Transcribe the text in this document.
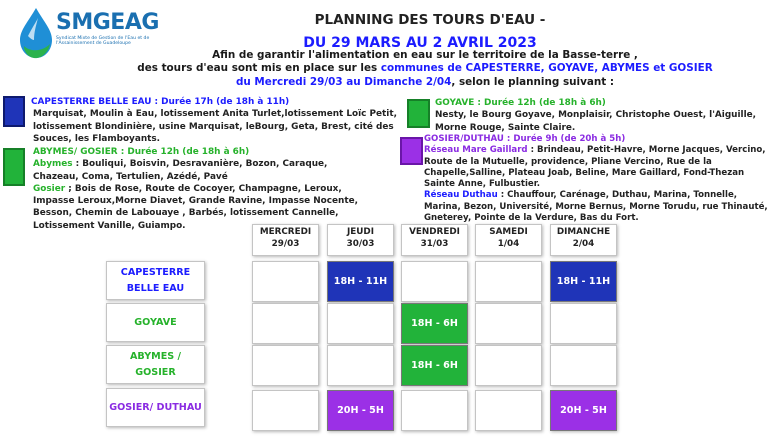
SMGEAG
Syndicat Mixte de Gestion de l'Eau et de l'Assainissement de Guadeloupe
PLANNING DES TOURS D'EAU -
DU 29 MARS AU 2 AVRIL 2023
Afin de garantir l'alimentation en eau sur le territoire de la Basse-terre ,
des tours d'eau sont mis en place sur les communes de CAPESTERRE, GOYAVE, ABYMES et GOSIER
du Mercredi 29/03 au Dimanche 2/04, selon le planning suivant :
CAPESTERRE BELLE EAU : Durée 17h (de 18h à 11h)
Marquisat, Moulin à Eau, lotissement Anita Turlet,lotissement Loïc Petit, lotissement Blondinière, usine Marquisat, leBourg, Geta, Brest, cité des Souces, les Flamboyants.
ABYMES/ GOSIER : Durée 12h (de 18h à 6h)
Abymes : Bouliqui, Boisvin, Desravanière, Bozon, Caraque, Chazeau, Coma, Tertulien, Azédé, Pavé
Gosier ; Bois de Rose, Route de Cocoyer, Champagne, Leroux, Impasse Leroux,Morne Diavet, Grande Ravine, Impasse Nocente, Besson, Chemin de Labouaye , Barbés, lotissement Cannelle, Lotissement Vanille, Guiampo.
GOYAVE : Durée 12h (de 18h à 6h)
Nesty, le Bourg Goyave, Monplaisir, Christophe Ouest, l'Aiguille, Morne Rouge, Sainte Claire.
GOSIER/DUTHAU : Durée 9h (de 20h à 5h)
Réseau Mare Gaillard : Brindeau, Petit-Havre, Morne Jacques, Vercino, Route de la Mutuelle, providence, Pliane Vercino, Rue de la Chapelle,Salline, Plateau Joab, Beline, Mare Gaillard, Fond-Thezan Sainte Anne, Fulbustier.
Réseau Duthau : Chauffour, Carénage, Duthau, Marina, Tonnelle, Marina, Bezon, Université, Morne Bernus, Morne Torudu, rue Thinauté, Gneterey, Pointe de la Verdure, Bas du Fort.
MERCREDI
29/03
JEUDI
30/03
VENDREDI
31/03
SAMEDI
1/04
DIMANCHE
2/04
CAPESTERRE
BELLE EAU
GOYAVE
ABYMES /
GOSIER
GOSIER/ DUTHAU
18H - 11H	18H - 11H
18H - 6H
18H - 6H
20H - 5H	20H - 5H
